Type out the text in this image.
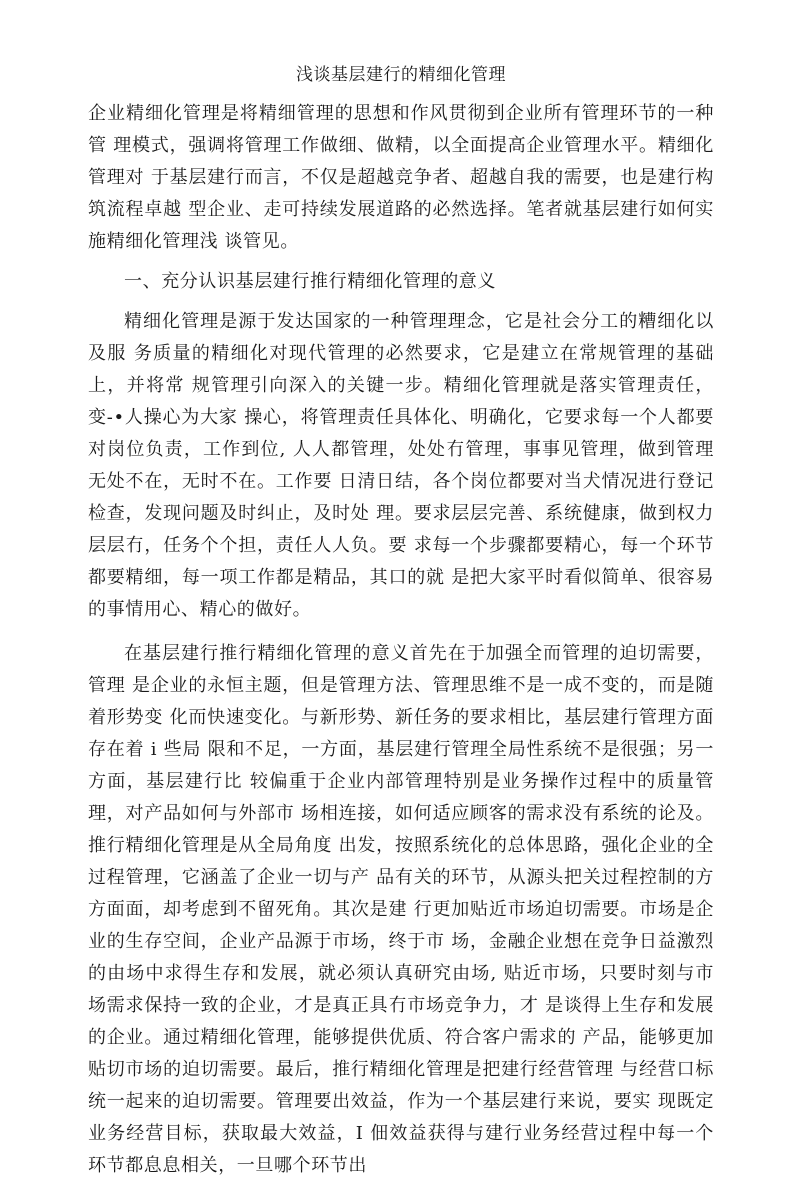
浅谈基层建行的精细化管理

企业精细化管理是将精细管理的思想和作风贯彻到企业所有管理环节的一种管 理模式，强调将管理工作做细、做精，以全面提高企业管理水平。精细化管理对 于基层建行而言，不仅是超越竞争者、超越自我的需要，也是建行构筑流程卓越 型企业、走可持续发展道路的必然选择。笔者就基层建行如何实施精细化管理浅 谈管见。

一、充分认识基层建行推行精细化管理的意义

精细化管理是源于发达国家的一种管理理念，它是社会分工的糟细化以及服 务质量的精细化对现代管理的必然要求，它是建立在常规管理的基础上，并将常 规管理引向深入的关键一步。精细化管理就是落实管理责任，变-•人操心为大家 操心，将管理责任具体化、明确化，它要求每一个人都要对岗位负责，工作到位, 人人都管理，处处冇管理，事事见管理，做到管理无处不在，无时不在。工作要 日清日结，各个岗位都要对当犬情况进行登记检查，发现问题及时纠止，及时处 理。要求层层完善、系统健康，做到权力层层冇，任务个个担，责任人人负。要 求每一个步骤都要精心，每一个环节都要精细，每一项工作都是精品，其口的就 是把大家平时看似简单、很容易的事情用心、精心的做好。

在基层建行推行精细化管理的意义首先在于加强全而管理的迫切需要，管理 是企业的永恒主题，但是管理方法、管理思维不是一成不变的，而是随着形势变 化而快速变化。与新形势、新任务的要求相比，基层建行管理方面存在着 i 些局 限和不足，一方面，基层建行管理全局性系统不是很强；另一方面，基层建行比 较偏重于企业内部管理特别是业务操作过程中的质量管理，对产品如何与外部市 场相连接，如何适应顾客的需求没有系统的论及。推行精细化管理是从全局角度 出发，按照系统化的总体思路，强化企业的全过程管理，它涵盖了企业一切与产 品有关的环节，从源头把关过程控制的方方面面，却考虑到不留死角。其次是建 行更加贴近市场迫切需要。市场是企业的生存空间，企业产品源于市场，终于市 场，金融企业想在竞争日益激烈的由场中求得生存和发展，就必须认真研究由场, 贴近市场，只要时刻与市场需求保持一致的企业，才是真正具冇市场竞争力，才 是谈得上生存和发展的企业。通过精细化管理，能够提供优质、符合客户需求的 产品，能够更加贴切市场的迫切需要。最后，推行精细化管理是把建行经营管理 与经营口标统一起来的迫切需要。管理要出效益，作为一个基层建行来说，要实 现既定业务经营目标，获取最大效益，I 佃效益获得与建行业务经营过程中每一个 环节都息息相关，一旦哪个环节出
